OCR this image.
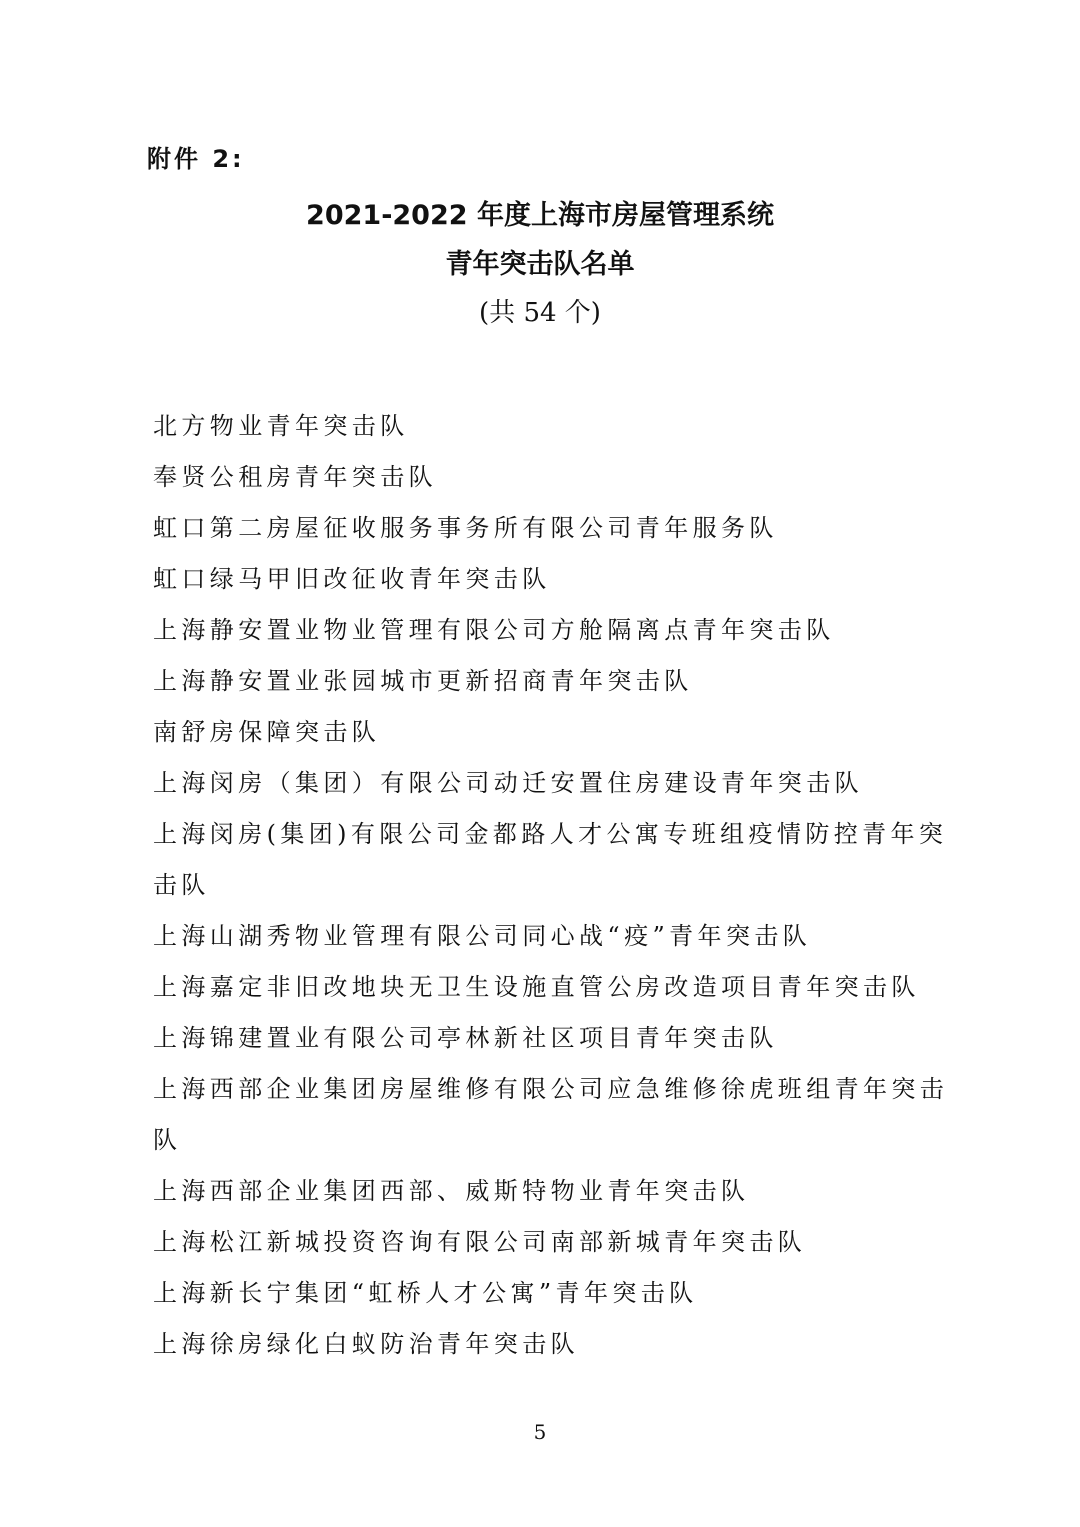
附件 2:
2021-2022 年度上海市房屋管理系统
青年突击队名单
(共 54 个)
北方物业青年突击队
奉贤公租房青年突击队
虹口第二房屋征收服务事务所有限公司青年服务队
虹口绿马甲旧改征收青年突击队
上海静安置业物业管理有限公司方舱隔离点青年突击队
上海静安置业张园城市更新招商青年突击队
南舒房保障突击队
上海闵房（集团）有限公司动迁安置住房建设青年突击队
上海闵房(集团)有限公司金都路人才公寓专班组疫情防控青年突击队
上海山湖秀物业管理有限公司同心战“疫”青年突击队
上海嘉定非旧改地块无卫生设施直管公房改造项目青年突击队
上海锦建置业有限公司亭林新社区项目青年突击队
上海西部企业集团房屋维修有限公司应急维修徐虎班组青年突击队
上海西部企业集团西部、威斯特物业青年突击队
上海松江新城投资咨询有限公司南部新城青年突击队
上海新长宁集团“虹桥人才公寓”青年突击队
上海徐房绿化白蚁防治青年突击队
5
